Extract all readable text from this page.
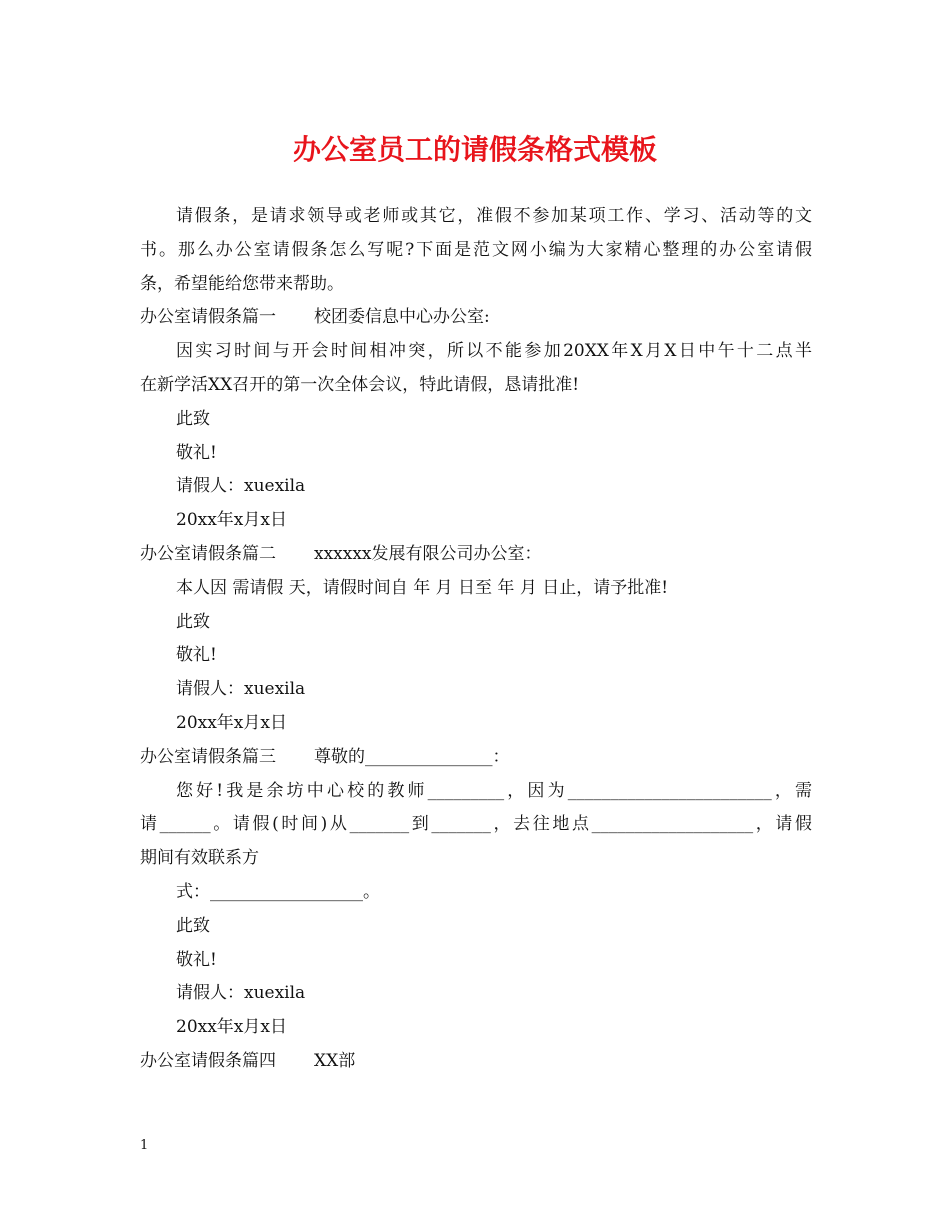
办公室员工的请假条格式模板
请假条，是请求领导或老师或其它，准假不参加某项工作、学习、活动等的文
书。那么办公室请假条怎么写呢?下面是范文网小编为大家精心整理的办公室请假
条，希望能给您带来帮助。
办公室请假条篇一 校团委信息中心办公室:
因实习时间与开会时间相冲突，所以不能参加20XX年X月X日中午十二点半
在新学活XX召开的第一次全体会议，特此请假，恳请批准!
此致
敬礼!
请假人：xuexila
20xx年x月x日
办公室请假条篇二 xxxxxx发展有限公司办公室：
本人因 需请假 天，请假时间自 年 月 日至 年 月 日止，请予批准!
此致
敬礼!
请假人：xuexila
20xx年x月x日
办公室请假条篇三 尊敬的_______________：
您好!我是余坊中心校的教师_________，因为________________________，需
请______。请假(时间)从_______到_______，去往地点___________________，请假
期间有效联系方
式：__________________。
此致
敬礼!
请假人：xuexila
20xx年x月x日
办公室请假条篇四 XX部
1
